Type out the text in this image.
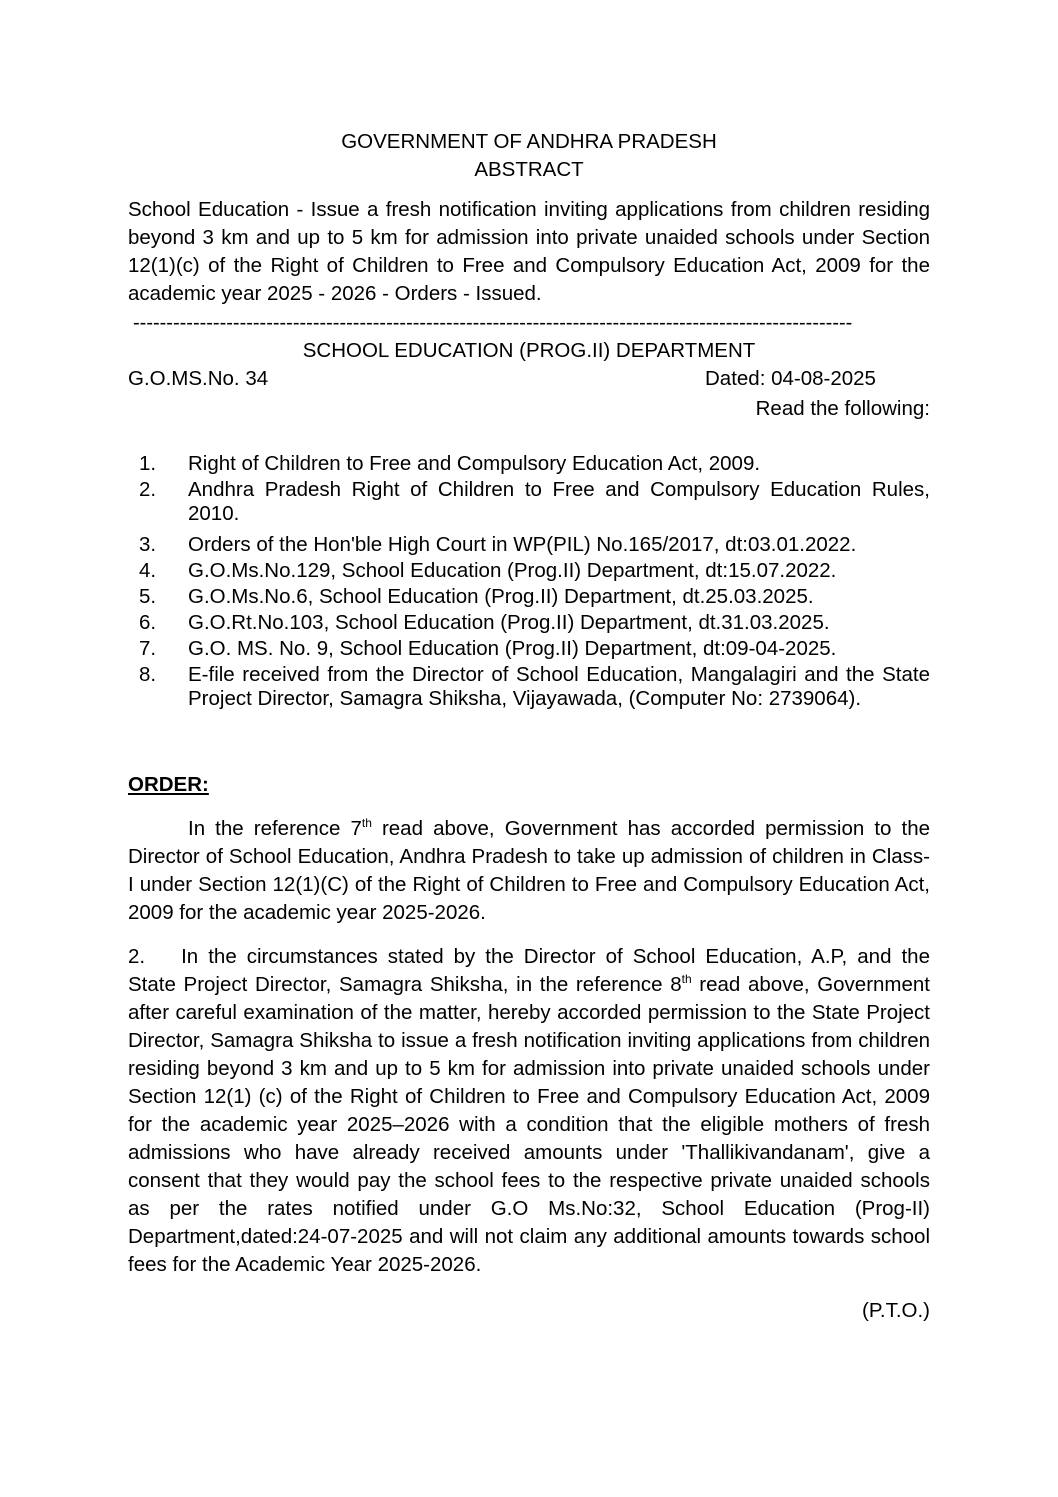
GOVERNMENT OF ANDHRA PRADESH
ABSTRACT
School Education - Issue a fresh notification inviting applications from children residing beyond 3 km and up to 5 km for admission into private unaided schools under Section 12(1)(c) of the Right of Children to Free and Compulsory Education Act, 2009 for the academic year 2025 - 2026 - Orders - Issued.
------------------------------------------------------------------------------------------------------------
SCHOOL EDUCATION (PROG.II) DEPARTMENT
G.O.MS.No. 34	Dated: 04-08-2025
Read the following:
1. Right of Children to Free and Compulsory Education Act, 2009.
2. Andhra Pradesh Right of Children to Free and Compulsory Education Rules, 2010.
3. Orders of the Hon'ble High Court in WP(PIL) No.165/2017, dt:03.01.2022.
4. G.O.Ms.No.129, School Education (Prog.II) Department, dt:15.07.2022.
5. G.O.Ms.No.6, School Education (Prog.II) Department, dt.25.03.2025.
6. G.O.Rt.No.103, School Education (Prog.II) Department, dt.31.03.2025.
7. G.O. MS. No. 9, School Education (Prog.II) Department, dt:09-04-2025.
8. E-file received from the Director of School Education, Mangalagiri and the State Project Director, Samagra Shiksha, Vijayawada, (Computer No: 2739064).
ORDER:
In the reference 7th read above, Government has accorded permission to the Director of School Education, Andhra Pradesh to take up admission of children in Class-I under Section 12(1)(C) of the Right of Children to Free and Compulsory Education Act, 2009 for the academic year 2025-2026.
2. In the circumstances stated by the Director of School Education, A.P, and the State Project Director, Samagra Shiksha, in the reference 8th read above, Government after careful examination of the matter, hereby accorded permission to the State Project Director, Samagra Shiksha to issue a fresh notification inviting applications from children residing beyond 3 km and up to 5 km for admission into private unaided schools under Section 12(1) (c) of the Right of Children to Free and Compulsory Education Act, 2009 for the academic year 2025–2026 with a condition that the eligible mothers of fresh admissions who have already received amounts under 'Thallikivandanam', give a consent that they would pay the school fees to the respective private unaided schools as per the rates notified under G.O Ms.No:32, School Education (Prog-II) Department,dated:24-07-2025 and will not claim any additional amounts towards school fees for the Academic Year 2025-2026.
(P.T.O.)
